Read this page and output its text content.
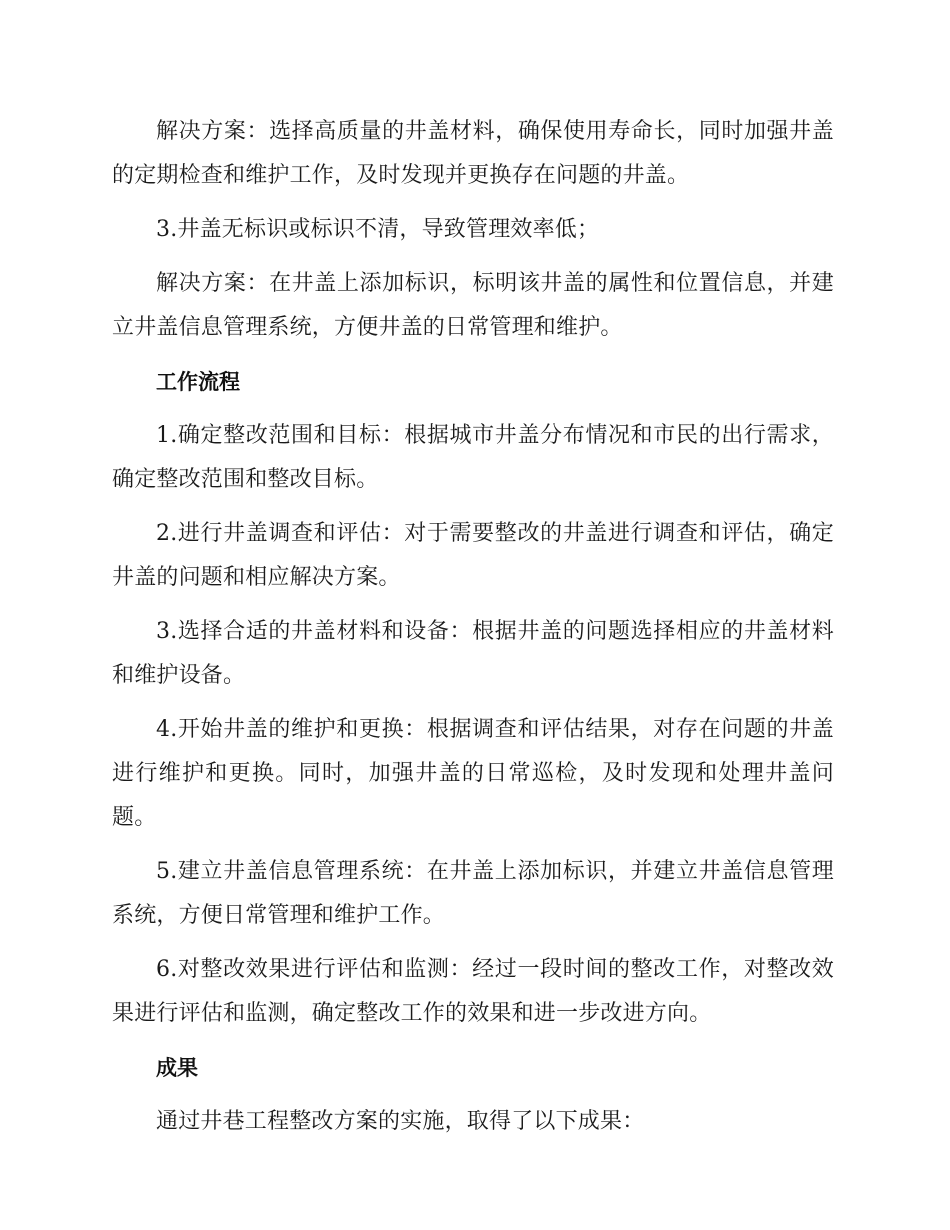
解决方案：选择高质量的井盖材料，确保使用寿命长，同时加强井盖的定期检查和维护工作，及时发现并更换存在问题的井盖。

3.井盖无标识或标识不清，导致管理效率低；

解决方案：在井盖上添加标识，标明该井盖的属性和位置信息，并建立井盖信息管理系统，方便井盖的日常管理和维护。

工作流程

1.确定整改范围和目标：根据城市井盖分布情况和市民的出行需求，确定整改范围和整改目标。

2.进行井盖调查和评估：对于需要整改的井盖进行调查和评估，确定井盖的问题和相应解决方案。

3.选择合适的井盖材料和设备：根据井盖的问题选择相应的井盖材料和维护设备。

4.开始井盖的维护和更换：根据调查和评估结果，对存在问题的井盖进行维护和更换。同时，加强井盖的日常巡检，及时发现和处理井盖问题。

5.建立井盖信息管理系统：在井盖上添加标识，并建立井盖信息管理系统，方便日常管理和维护工作。

6.对整改效果进行评估和监测：经过一段时间的整改工作，对整改效果进行评估和监测，确定整改工作的效果和进一步改进方向。

成果

通过井巷工程整改方案的实施，取得了以下成果：
